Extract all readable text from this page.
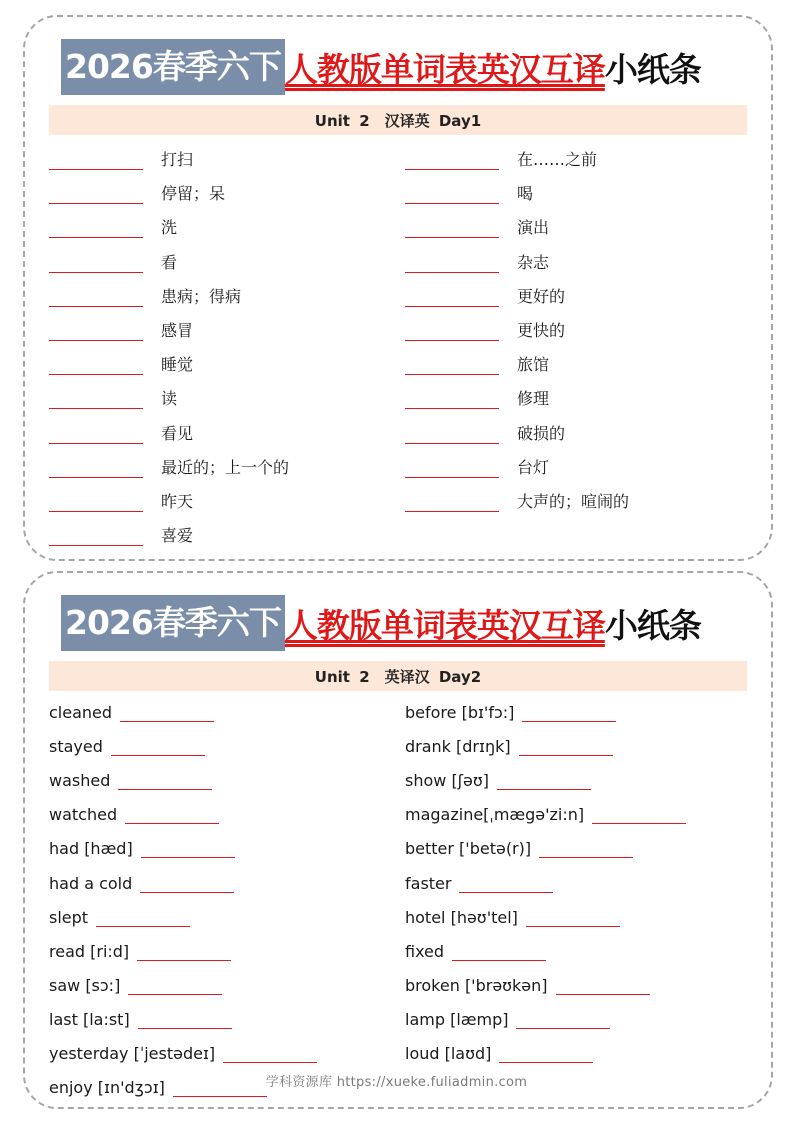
2026春季六下 人教版单词表英汉互译 小纸条
Unit 2　汉译英 Day1
打扫
停留；呆
洗
看
患病；得病
感冒
睡觉
读
看见
最近的；上一个的
昨天
喜爱
在……之前
喝
演出
杂志
更好的
更快的
旅馆
修理
破损的
台灯
大声的；喧闹的
2026春季六下 人教版单词表英汉互译 小纸条
Unit 2　英译汉 Day2
cleaned
stayed
washed
watched
had [hæd]
had a cold
slept
read [ri:d]
saw [sɔ:]
last [la:st]
yesterday [ˈjestədeɪ]
enjoy [ɪn'dʒɔɪ]
before [bɪ'fɔ:]
drank [drɪŋk]
show [ʃəʊ]
magazine[ˌmægə'zi:n]
better ['betə(r)]
faster
hotel [həʊ'tel]
fixed
broken ['brəʊkən]
lamp [læmp]
loud [laʊd]
学科资源库 https://xueke.fuliadmin.com
